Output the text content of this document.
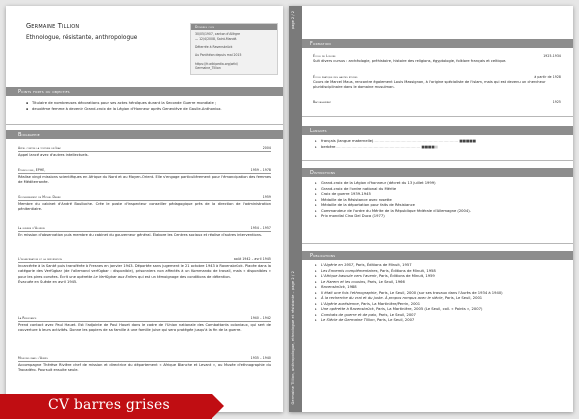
Germaine Tillion
Ethnologue, résistante, anthropologue
Données clés

30/05/1907, canton d'Allègre
— 12/4/2008, Saint-Mandé.

Déterrée à Ravensbrück

Au Panthéon depuis mai 2015

https://fr.wikipedia.org/wiki/
Germaine_Tillion

Points forts ou objectifs
▪ Titulaire de nombreuses décorations pour ses actes héroïques durant la Seconde Guerre mondiale ;
▪ deuxième femme à devenir Grand-croix de la Légion d'Honneur après Geneviève de Gaulle-Anthonioz.
Biographie
Appel contre la torture en Irak	2004
Appel lancé avec d'autres intellectuels.
Ethnologue, EPHE,	1959 – 1978
Réalise vingt missions scientifiques en Afrique du Nord et au Moyen-Orient. Elle s'engage particulièrement pour l'émancipation des femmes de Méditerranée.
Gouvernement de Michel Debré	1959
Membre du cabinet d'André Boulloche. Crée le poste d'inspecteur conseiller pédagogique près de la direction de l'administration pénitentiaire.
La guerre d'Algérie	1954 – 1957
En mission d'observation puis membre du cabinet du gouverneur général. Élabore les Centres sociaux et réalise d'autres interventions.
L'incarcération et la déportation	août 1942 – avril 1945
Incarcérée à la Santé puis transférée à Fresnes en janvier 1943. Déportée sans jugement le 21 octobre 1943 à Ravensbrück. Placée dans la catégorie des Verfügbar (de l'allemand verfügbar : disponible), prisonniers non affectés à un Kommando de travail, mais « disponibles » pour les pires corvées. Écrit une opérette Le Verfügbar aux Enfers qui est un témoignage des conditions de détention.
Évacuée en Suède en avril 1945.
La Résistance	1940 – 1942
Prend contact avec Paul Hauet. Est l'adjointe de Paul Hauet dans le cadre de l'Union nationale des Combattants coloniaux, qui sert de couverture à leurs activités. Donne les papiers de sa famille à une famille juive qui sera protégée jusqu'à la fin de la guerre.
Missions dans l'Aurès	1935 – 1940
Accompagne Thérèse Rivière chef de mission et directrice du département « Afrique Blanche et Levant », au Musée d'ethnographie du Trocadéro. Poursuit ensuite seule.
page 2 / 2
Germaine Tillion, anthropologue, ethnologue et résistante – page 2 / 2
Formation
École du Louvre	1925-1934
Suit divers cursus : archéologie, préhistoire, histoire des religions, égyptologie, folklore français et celtique.
École pratique des hautes études	à partir de 1928
Cours de Marcel Maus, rencontre également Louis Massignon, à l'origine spécialiste de l'islam, mais qui est devenu un chercheur pluridisciplinaire dans le domaine musulman.
Baccalauréat	1925
Langues
▸ français (langue maternelle)…………………………………………………………… ■■■■■
▸ berbère…………………………………………………………… ■■■■■
Distinctions
▸ Grand-croix de la Légion d'honneur (décret du 13 juillet 1999)
▸ Grand-croix de l'ordre national du Mérite
▸ Croix de guerre 1939-1945
▸ Médaille de la Résistance avec rosette
▸ Médaille de la déportation pour faits de Résistance
▸ Commandeur de l'ordre du Mérite de la République fédérale d'Allemagne (2004).
▸ Prix mondial Cino Del Duca (1977)
Publications
▸ L'Algérie en 1957, Paris, Éditions de Minuit, 1957
▸ Les Ennemis complémentaires, Paris, Éditions de Minuit, 1958
▸ L'Afrique bascule vers l'avenir, Paris, Éditions de Minuit, 1959
▸ Le Harem et les cousins, Paris, Le Seuil, 1966
▸ Ravensbrück, 1988
▸ Il était une fois l'ethnographie, Paris, Le Seuil, 2000 (sur ses travaux dans l'Aurès de 1934 à 1940)
▸ À la recherche du vrai et du juste. À propos rompus avec le siècle, Paris, Le Seuil, 2001
▸ L'Algérie aurésienne, Paris, La Martinière/Perrin, 2001
▸ Une opérette à Ravensbrück, Paris, La Martinière, 2005 (Le Seuil, coll. « Points », 2007)
▸ Combats de guerre et de paix, Paris, Le Seuil, 2007
▸ Le Siècle de Germaine Tillion, Paris, Le Seuil, 2007
CV barres grises
